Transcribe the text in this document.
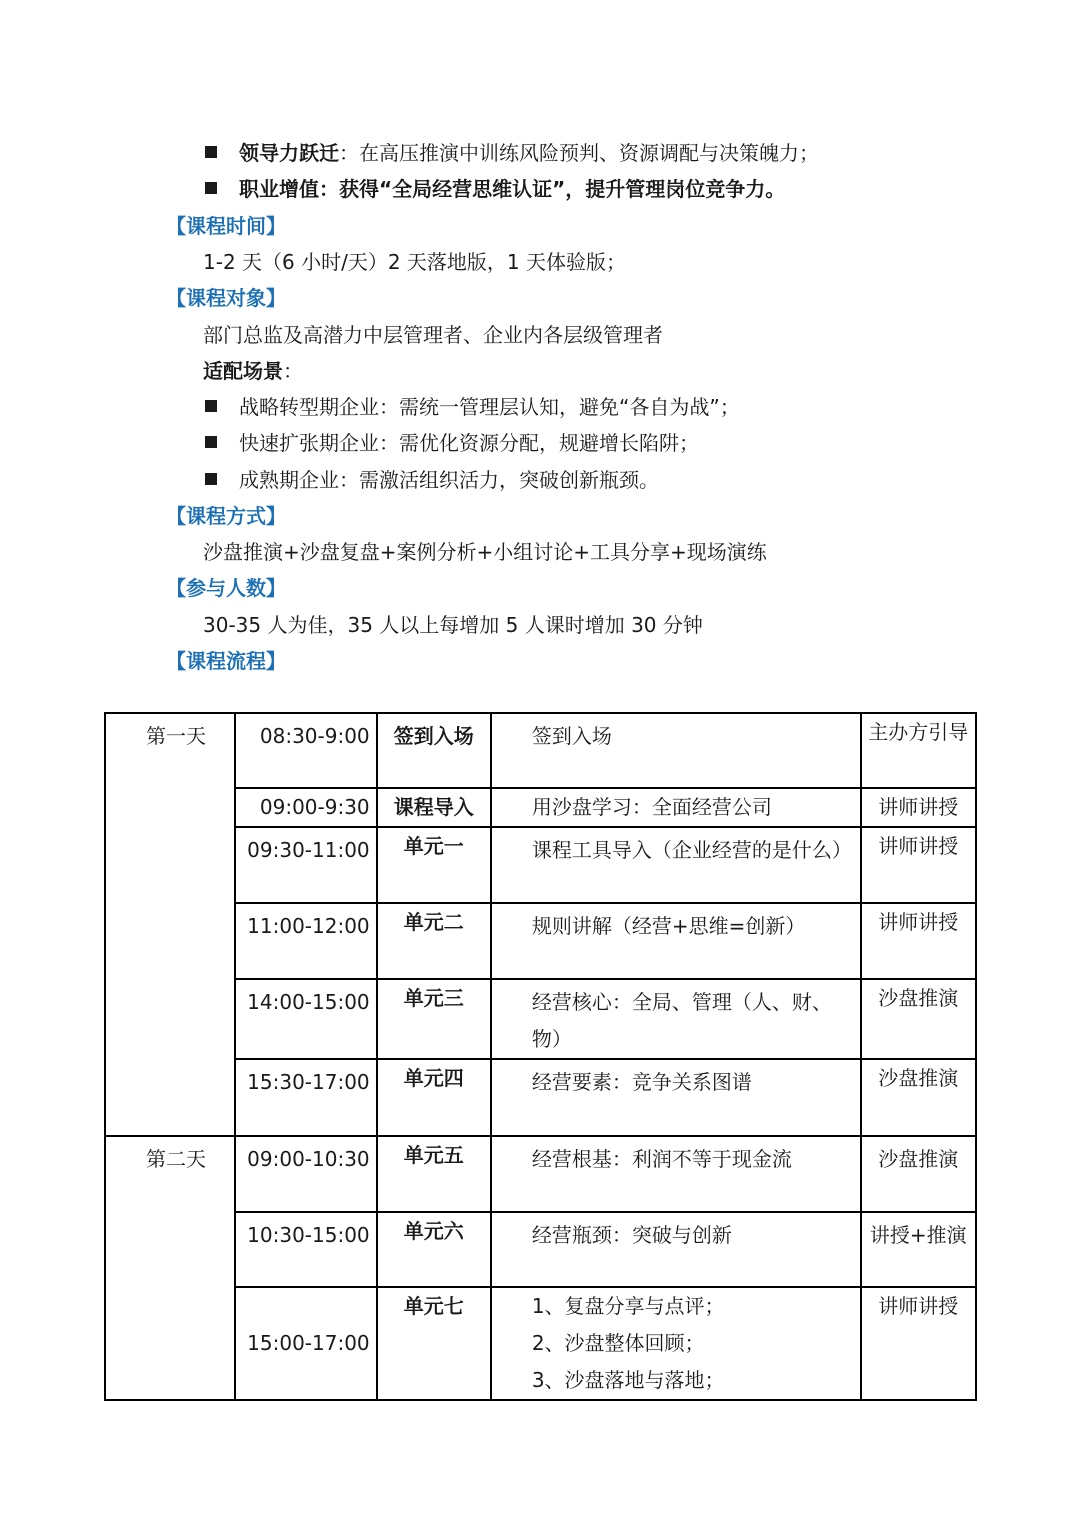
领导力跃迁：在高压推演中训练风险预判、资源调配与决策魄力；
职业增值：获得“全局经营思维认证”，提升管理岗位竞争力。
【课程时间】
1-2 天（6 小时/天）2 天落地版，1 天体验版；
【课程对象】
部门总监及高潜力中层管理者、企业内各层级管理者
适配场景：
战略转型期企业：需统一管理层认知，避免“各自为战”；
快速扩张期企业：需优化资源分配，规避增长陷阱；
成熟期企业：需激活组织活力，突破创新瓶颈。
【课程方式】
沙盘推演+沙盘复盘+案例分析+小组讨论+工具分享+现场演练
【参与人数】
30-35 人为佳，35 人以上每增加 5 人课时增加 30 分钟
【课程流程】
第一天	08:30-9:00	签到入场	签到入场	主办方引导
	09:00-9:30	课程导入	用沙盘学习：全面经营公司	讲师讲授
	09:30-11:00	单元一	课程工具导入（企业经营的是什么）	讲师讲授
	11:00-12:00	单元二	规则讲解（经营+思维=创新）	讲师讲授
	14:00-15:00	单元三	经营核心：全局、管理（人、财、物）	沙盘推演
	15:30-17:00	单元四	经营要素：竞争关系图谱	沙盘推演
第二天	09:00-10:30	单元五	经营根基：利润不等于现金流	沙盘推演
	10:30-15:00	单元六	经营瓶颈：突破与创新	讲授+推演
	15:00-17:00	单元七	1、复盘分享与点评；
2、沙盘整体回顾；
3、沙盘落地与落地；	讲师讲授
